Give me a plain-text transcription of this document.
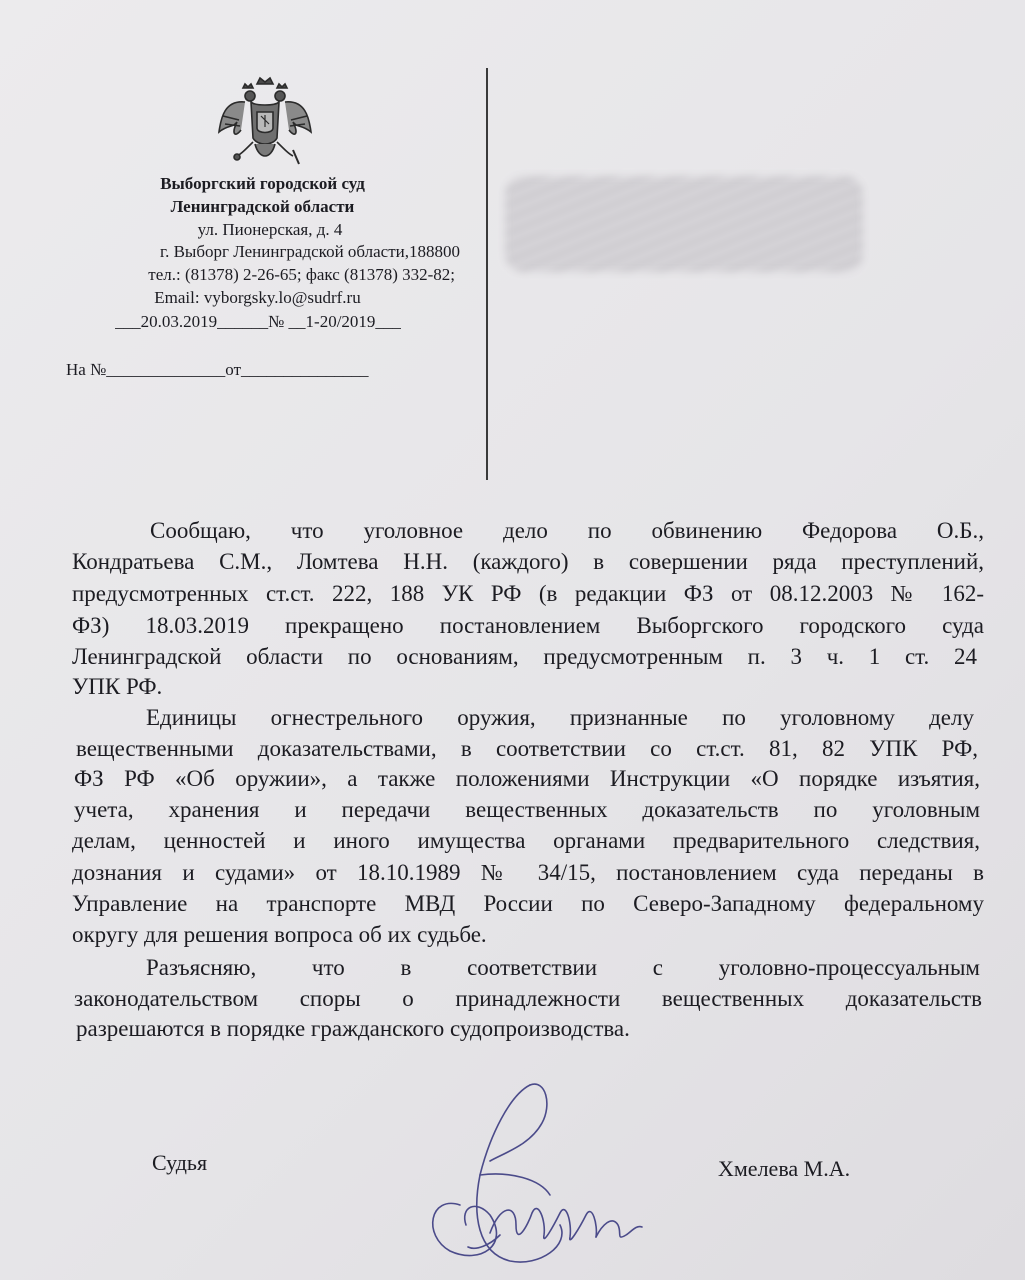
Выборгский городской суд
Ленинградской области
ул. Пионерская, д. 4
г. Выборг Ленинградской области,188800
тел.: (81378) 2-26-65; факс (81378) 332-82;
Email: vyborgsky.lo@sudrf.ru
___20.03.2019______№ __1-20/2019___
На №______________от_______________
Сообщаю, что уголовное дело по обвинению Федорова О.Б.,
Кондратьева С.М., Ломтева Н.Н. (каждого) в совершении ряда преступлений,
предусмотренных ст.ст. 222, 188 УК РФ (в редакции ФЗ от 08.12.2003 № 162-
ФЗ) 18.03.2019 прекращено постановлением Выборгского городского суда
Ленинградской области по основаниям, предусмотренным п. 3 ч. 1 ст. 24
УПК РФ.
Единицы огнестрельного оружия, признанные по уголовному делу
вещественными доказательствами, в соответствии со ст.ст. 81, 82 УПК РФ,
ФЗ РФ «Об оружии», а также положениями Инструкции «О порядке изъятия,
учета, хранения и передачи вещественных доказательств по уголовным
делам, ценностей и иного имущества органами предварительного следствия,
дознания и судами» от 18.10.1989 № 34/15, постановлением суда переданы в
Управление на транспорте МВД России по Северо-Западному федеральному
округу для решения вопроса об их судьбе.
Разъясняю, что в соответствии с уголовно-процессуальным
законодательством споры о принадлежности вещественных доказательств
разрешаются в порядке гражданского судопроизводства.
Судья	Хмелева М.А.
